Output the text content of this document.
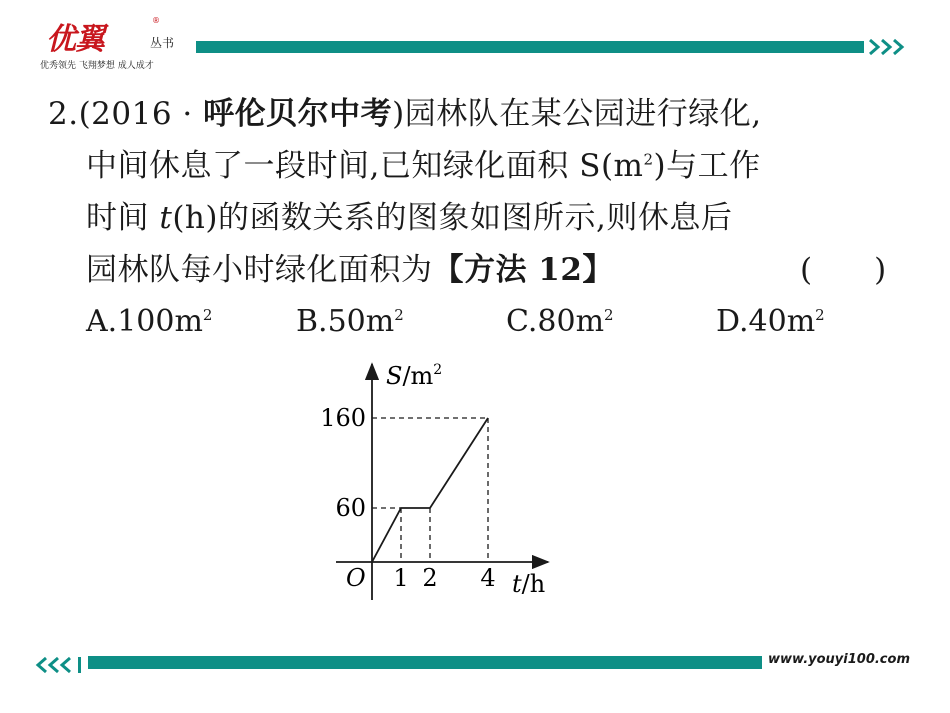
优翼
®
丛书
优秀领先 飞翔梦想 成人成才
2.(2016 · 呼伦贝尔中考)园林队在某公园进行绿化,
中间休息了一段时间,已知绿化面积 $S(m^2)$与工作
时间 t(h)的函数关系的图象如图所示,则休息后
园林队每小时绿化面积为【方法 12】	(　　)
$A.100m^2$	$B.50m^2$	$C.80m^2$	$D.40m^2$
60
160
1 2 4
O
$S/m^2$
t/h
www.youyi100.com
